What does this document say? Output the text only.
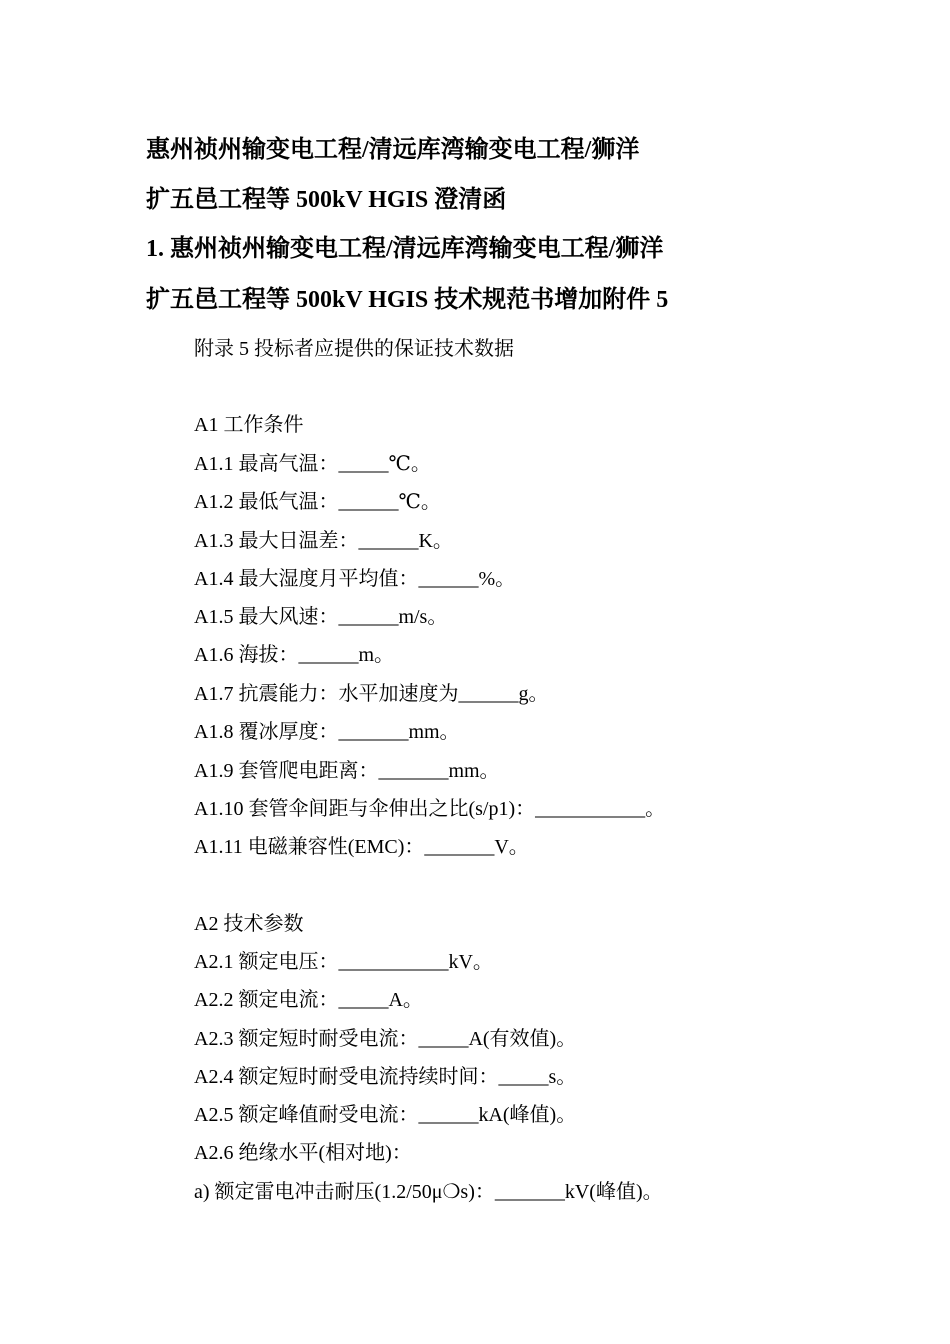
惠州祯州输变电工程/清远库湾输变电工程/狮洋
扩五邑工程等 500kV HGIS 澄清函
1. 惠州祯州输变电工程/清远库湾输变电工程/狮洋
扩五邑工程等 500kV HGIS 技术规范书增加附件 5
附录 5 投标者应提供的保证技术数据
A1 工作条件
A1.1 最高气温：_____℃。
A1.2 最低气温：______℃。
A1.3 最大日温差：______K。
A1.4 最大湿度月平均值：______%。
A1.5 最大风速：______m/s。
A1.6 海拔：______m。
A1.7 抗震能力：水平加速度为______g。
A1.8 覆冰厚度：_______mm。
A1.9 套管爬电距离：_______mm。
A1.10 套管伞间距与伞伸出之比(s/p1)：___________。
A1.11 电磁兼容性(EMC)：_______V。
A2 技术参数
A2.1 额定电压：___________kV。
A2.2 额定电流：_____A。
A2.3 额定短时耐受电流：_____A(有效值)。
A2.4 额定短时耐受电流持续时间：_____s。
A2.5 额定峰值耐受电流：______kA(峰值)。
A2.6 绝缘水平(相对地)：
a) 额定雷电冲击耐压(1.2/50μ❍s)：_______kV(峰值)。
